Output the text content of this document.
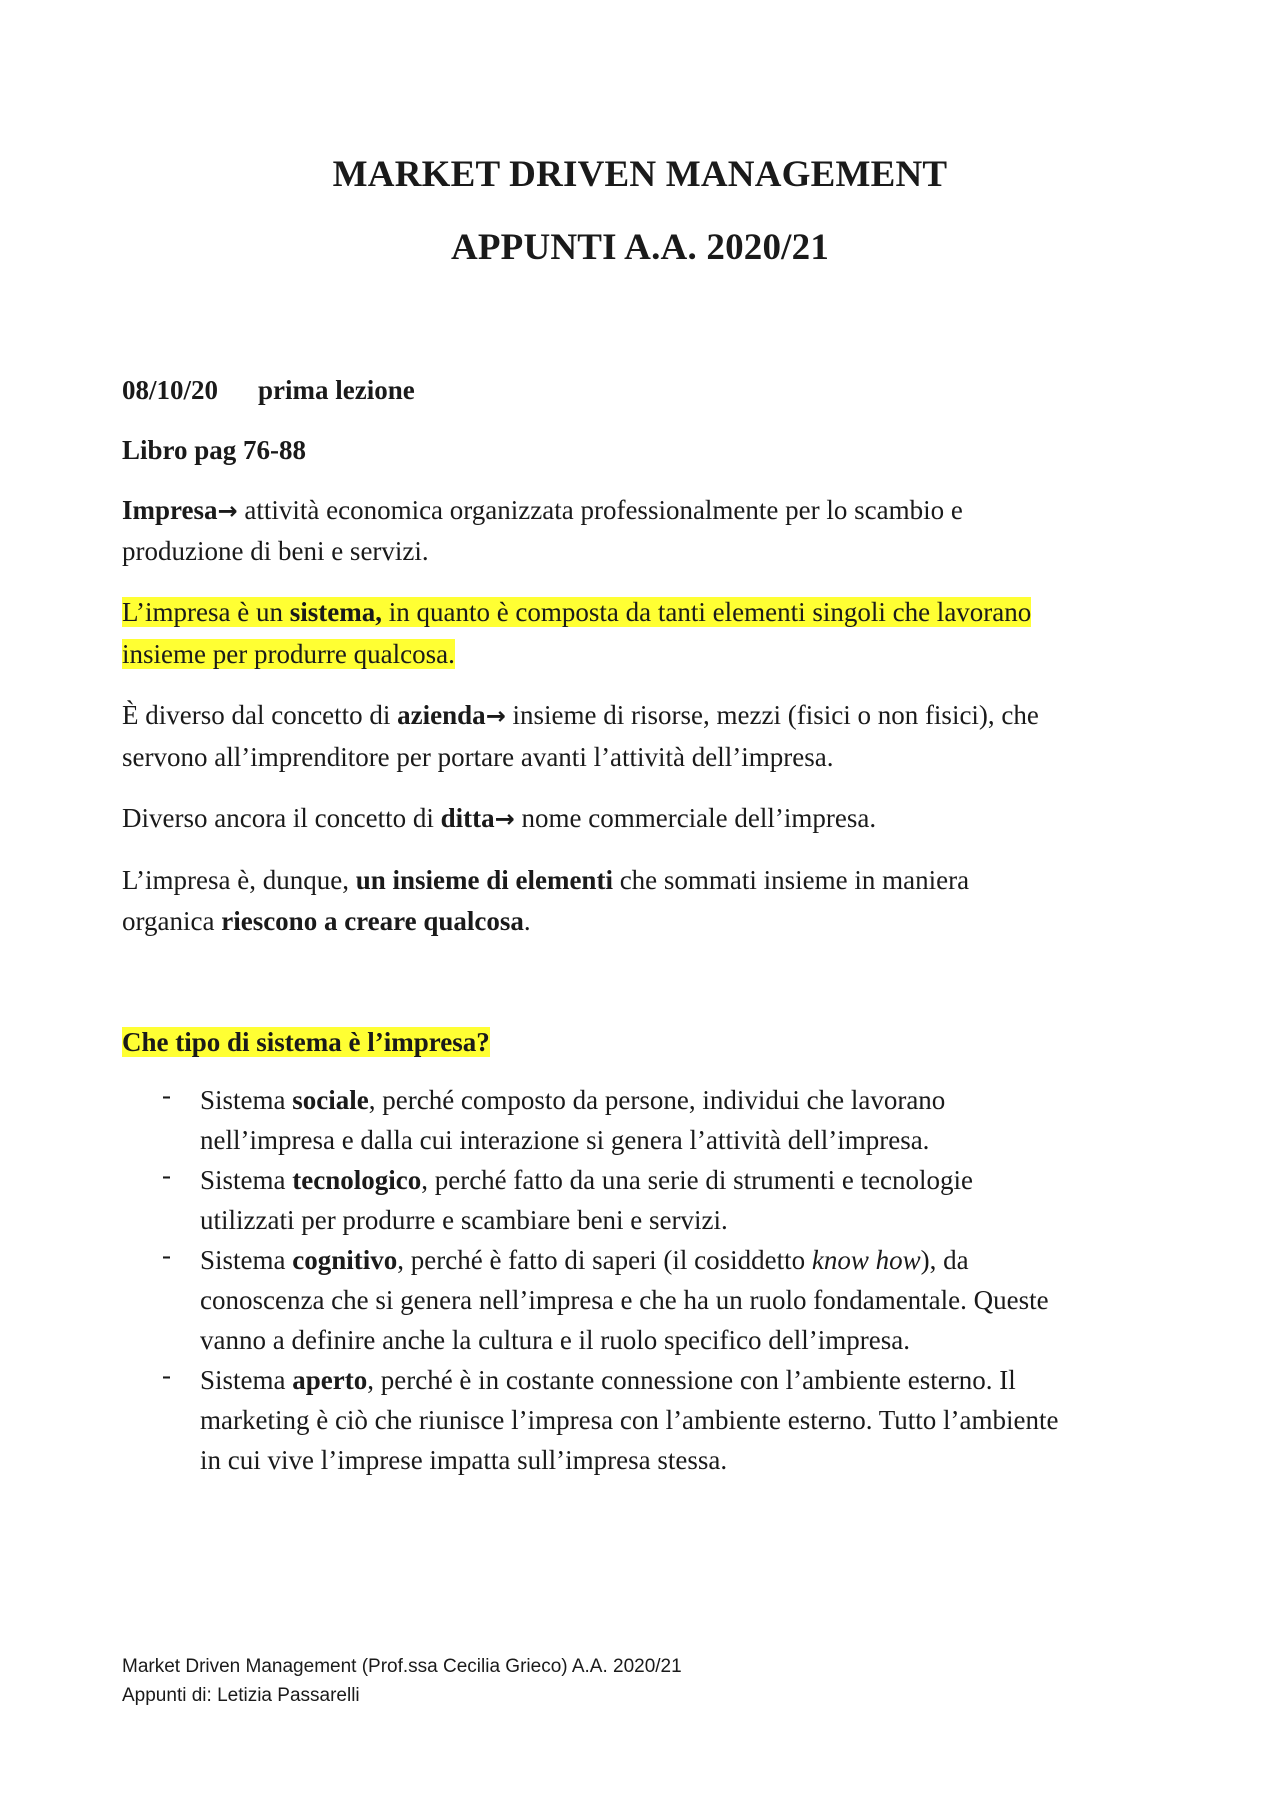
MARKET DRIVEN MANAGEMENT
APPUNTI A.A. 2020/21
08/10/20 prima lezione
Libro pag 76-88
Impresa→ attività economica organizzata professionalmente per lo scambio e
produzione di beni e servizi.
L’impresa è un sistema, in quanto è composta da tanti elementi singoli che lavorano
insieme per produrre qualcosa.
È diverso dal concetto di azienda→ insieme di risorse, mezzi (fisici o non fisici), che
servono all’imprenditore per portare avanti l’attività dell’impresa.
Diverso ancora il concetto di ditta→ nome commerciale dell’impresa.
L’impresa è, dunque, un insieme di elementi che sommati insieme in maniera
organica riescono a creare qualcosa.
Che tipo di sistema è l’impresa?
- Sistema sociale, perché composto da persone, individui che lavorano
nell’impresa e dalla cui interazione si genera l’attività dell’impresa.
- Sistema tecnologico, perché fatto da una serie di strumenti e tecnologie
utilizzati per produrre e scambiare beni e servizi.
- Sistema cognitivo, perché è fatto di saperi (il cosiddetto know how), da
conoscenza che si genera nell’impresa e che ha un ruolo fondamentale. Queste
vanno a definire anche la cultura e il ruolo specifico dell’impresa.
- Sistema aperto, perché è in costante connessione con l’ambiente esterno. Il
marketing è ciò che riunisce l’impresa con l’ambiente esterno. Tutto l’ambiente
in cui vive l’imprese impatta sull’impresa stessa.
Market Driven Management (Prof.ssa Cecilia Grieco) A.A. 2020/21
Appunti di: Letizia Passarelli
